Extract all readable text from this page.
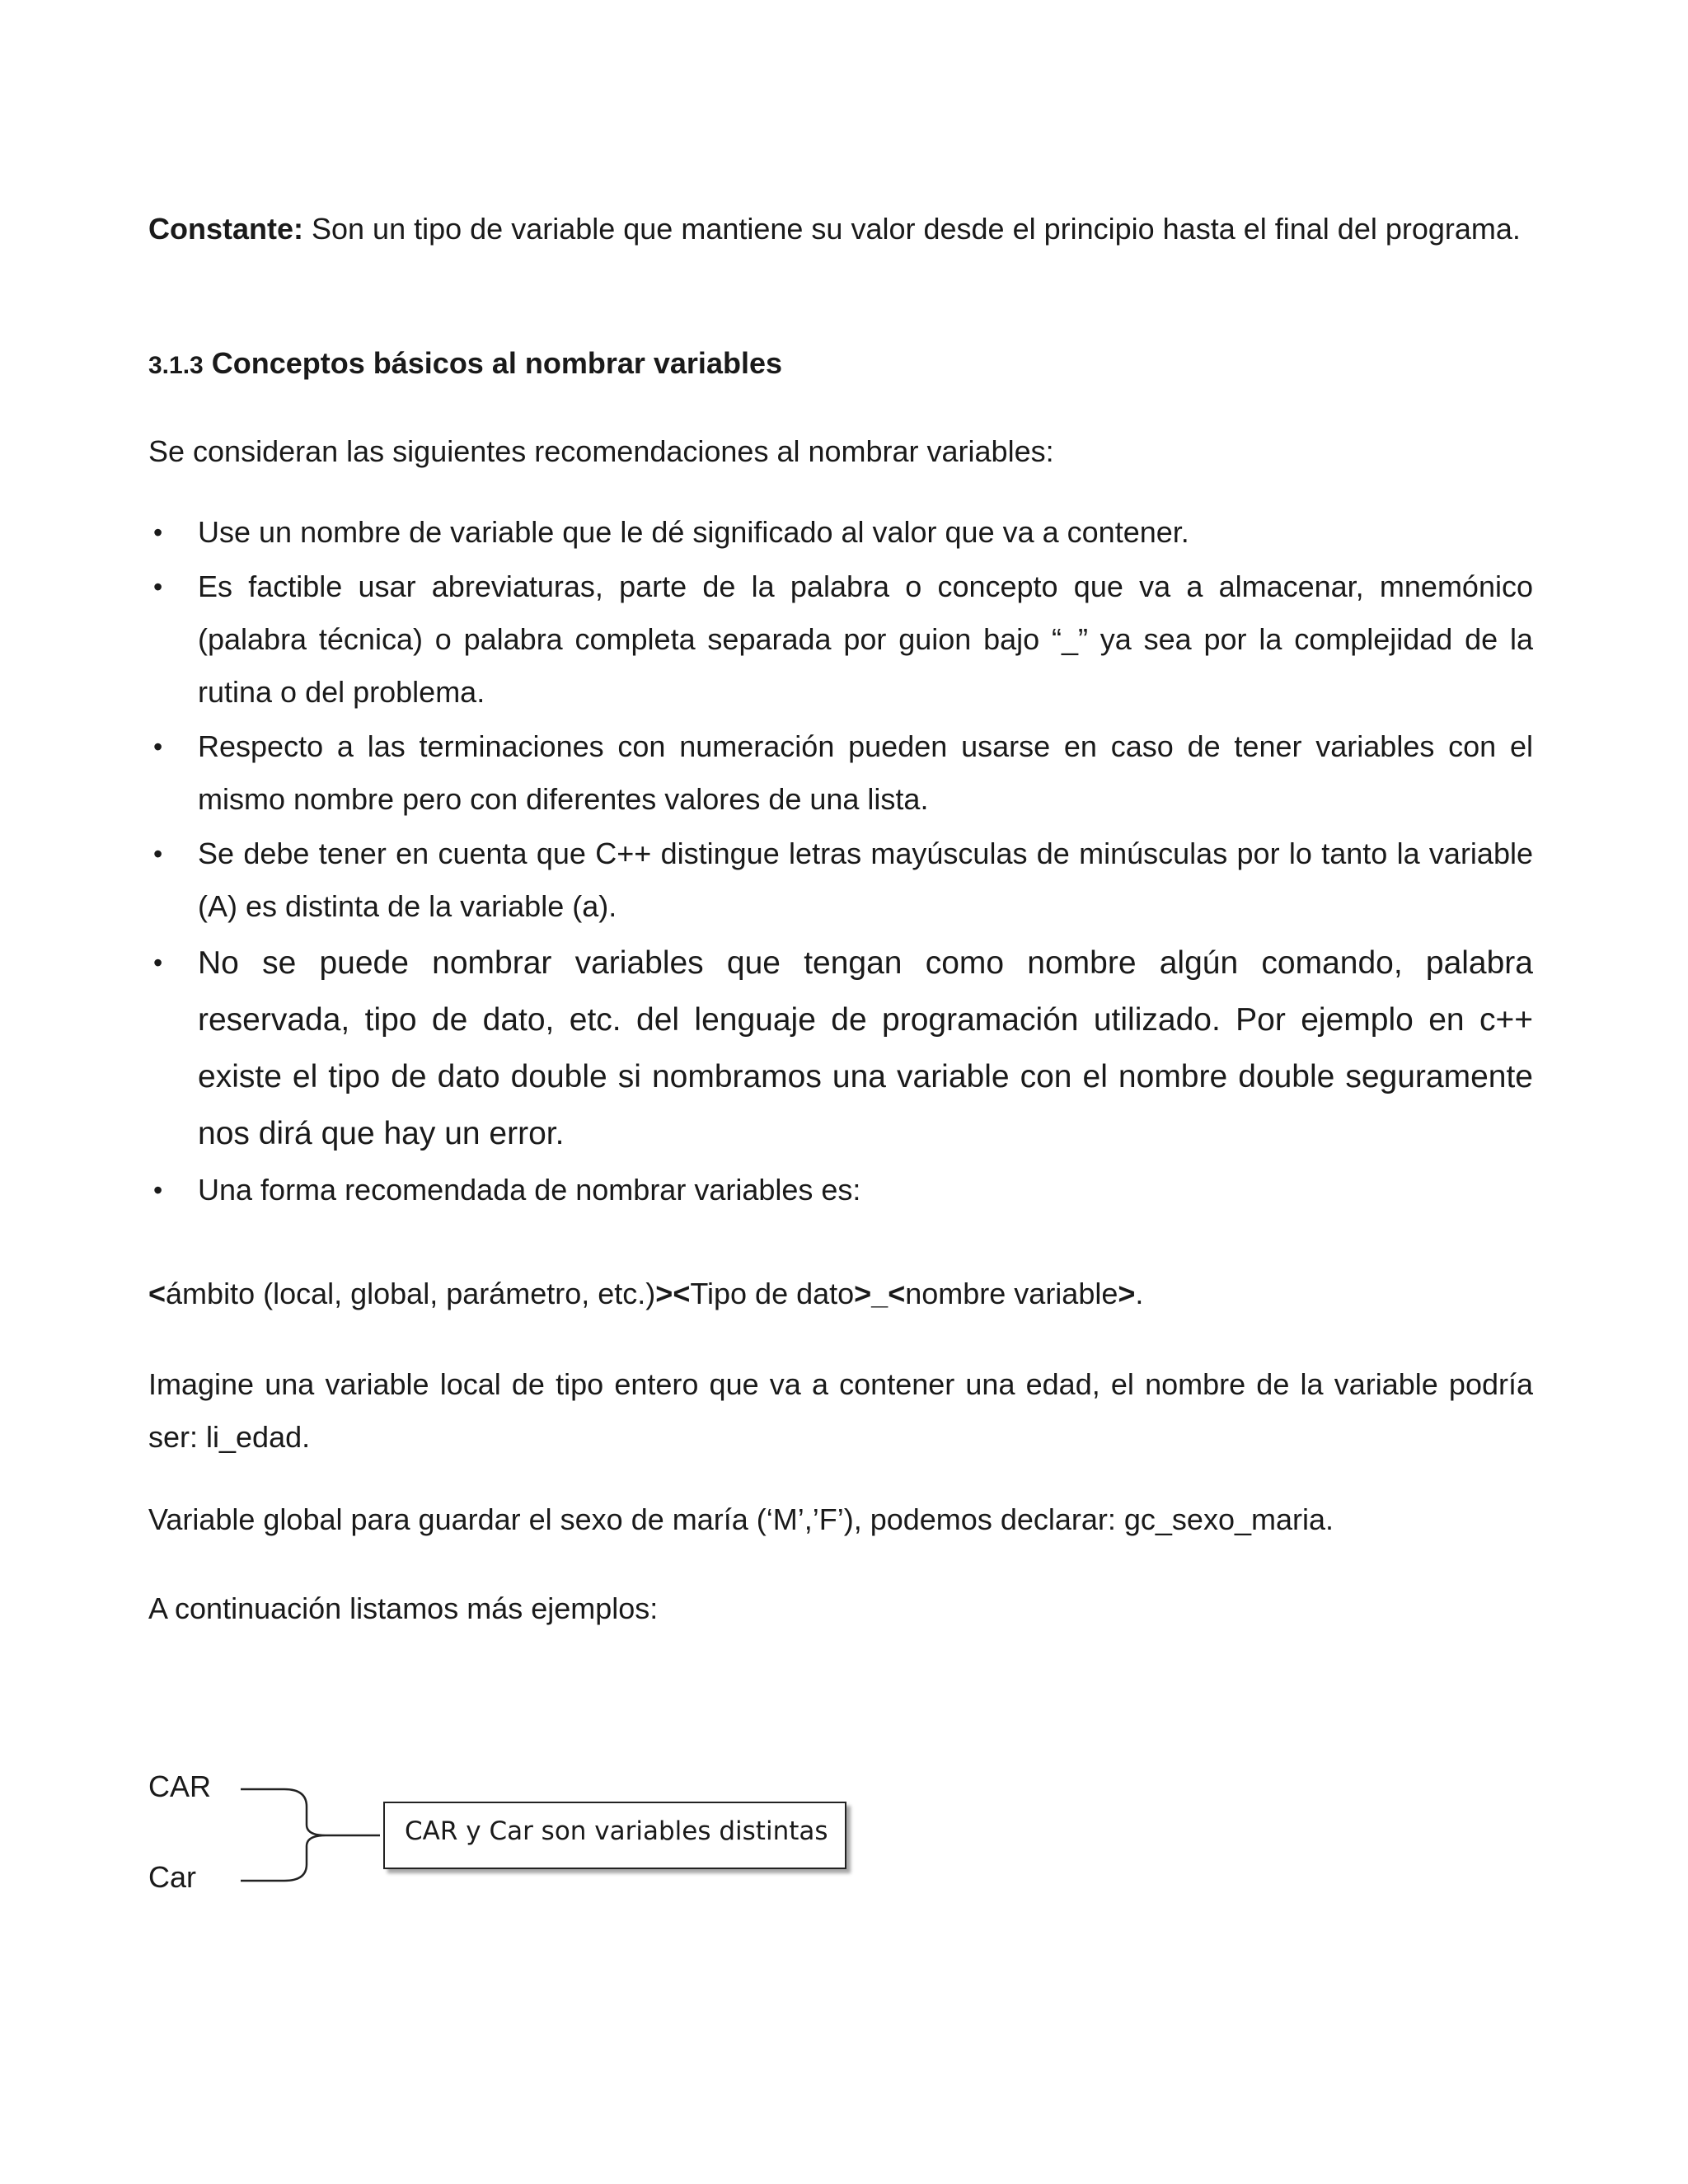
Constante: Son un tipo de variable que mantiene su valor desde el principio hasta el final del programa.

3.1.3 Conceptos básicos al nombrar variables

Se consideran las siguientes recomendaciones al nombrar variables:

• Use un nombre de variable que le dé significado al valor que va a contener.
• Es factible usar abreviaturas, parte de la palabra o concepto que va a almacenar, mnemónico (palabra técnica) o palabra completa separada por guion bajo “_” ya sea por la complejidad de la rutina o del problema.
• Respecto a las terminaciones con numeración pueden usarse en caso de tener variables con el mismo nombre pero con diferentes valores de una lista.
• Se debe tener en cuenta que C++ distingue letras mayúsculas de minúsculas por lo tanto la variable (A) es distinta de la variable (a).
• No se puede nombrar variables que tengan como nombre algún comando, palabra reservada, tipo de dato, etc. del lenguaje de programación utilizado. Por ejemplo en c++ existe el tipo de dato double si nombramos una variable con el nombre double seguramente nos dirá que hay un error.
• Una forma recomendada de nombrar variables es:

<ámbito (local, global, parámetro, etc.)><Tipo de dato>_<nombre variable>.

Imagine una variable local de tipo entero que va a contener una edad, el nombre de la variable podría ser: li_edad.

Variable global para guardar el sexo de maría (‘M’,’F’), podemos declarar: gc_sexo_maria.

A continuación listamos más ejemplos:

CAR
Car
CAR y Car son variables distintas
